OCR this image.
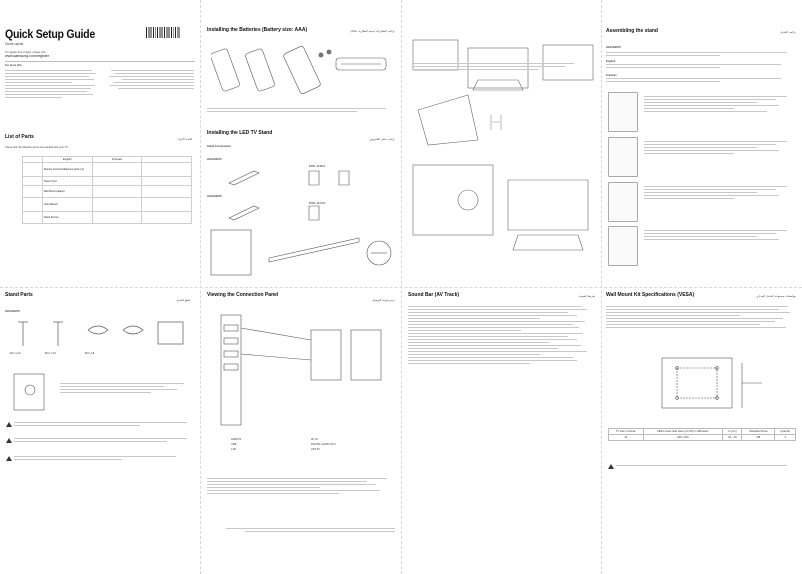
Quick Setup Guide
Guide rapide
To register this product, please visit
www.samsung.com/register
For more info
List of Parts	قائمة الأجزاء
Check that the following items are packed with your TV.
	English	Français	
	Remote Control & Batteries (AAA x 2)		
	Power Cord		
	Wall Mount Adapter		
	User Manual		
	Stand Screws		
Installing the Batteries (Battery size: AAA)	تركيب البطاريات (حجم البطارية: AAA)
Installing the LED TV Stand
تركيب حامل التلفزيون
Stand Components
HG45AE670
BN61-15480A
HG43AE670
BN61-15479A
H
Assembling the stand	تركيب الحامل
HG45AE670
English
Français
Stand Parts
قطع الحامل
HG45AE670
M4 x L12	M4 x L10	M4 x L8
Viewing the Connection Panel
عرض لوحة التوصيل
HDMI IN
USB
LAN
AV IN
DIGITAL AUDIO OUT
ANT IN
Sound Bar (AV Track)	شريط الصوت Wall Mount Kit Specifications (VESA)	مواصفات مجموعة الحامل الجداري
TV size in inches	VESA screw hole specs (A x B) in millimeters	C (mm)	Standard Screw	Quantity
43	200 x 200	43 ~ 45	M8	4
